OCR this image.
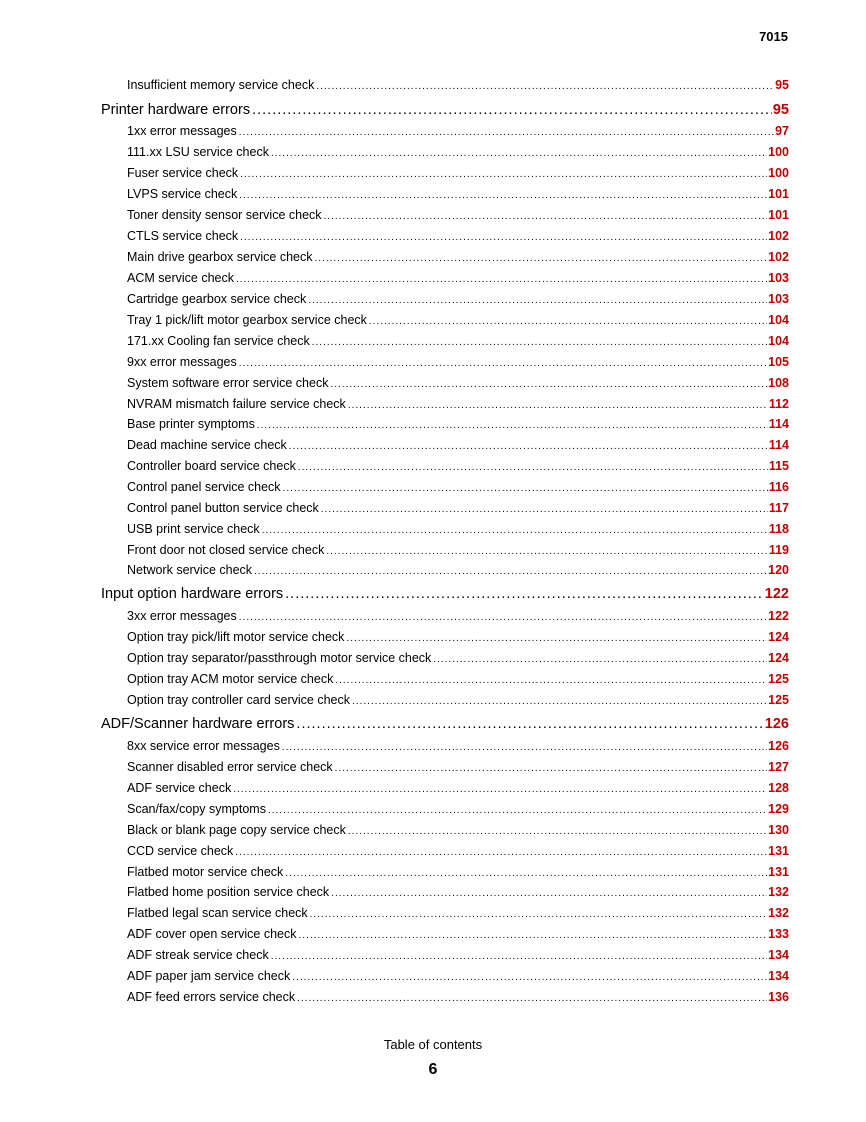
7015
Insufficient memory service check .....	95
Printer hardware errors .....	95
1xx error messages .....	97
111.xx LSU service check .....	100
Fuser service check .....	100
LVPS service check .....	101
Toner density sensor service check .....	101
CTLS service check .....	102
Main drive gearbox service check .....	102
ACM service check .....	103
Cartridge gearbox service check .....	103
Tray 1 pick/lift motor gearbox service check .....	104
171.xx Cooling fan service check .....	104
9xx error messages .....	105
System software error service check .....	108
NVRAM mismatch failure service check .....	112
Base printer symptoms .....	114
Dead machine service check .....	114
Controller board service check .....	115
Control panel service check .....	116
Control panel button service check .....	117
USB print service check .....	118
Front door not closed service check .....	119
Network service check .....	120
Input option hardware errors .....	122
3xx error messages .....	122
Option tray pick/lift motor service check .....	124
Option tray separator/passthrough motor service check .....	124
Option tray ACM motor service check .....	125
Option tray controller card service check .....	125
ADF/Scanner hardware errors .....	126
8xx service error messages .....	126
Scanner disabled error service check .....	127
ADF service check .....	128
Scan/fax/copy symptoms .....	129
Black or blank page copy service check .....	130
CCD service check .....	131
Flatbed motor service check .....	131
Flatbed home position service check .....	132
Flatbed legal scan service check .....	132
ADF cover open service check .....	133
ADF streak service check .....	134
ADF paper jam service check .....	134
ADF feed errors service check .....	136
Table of contents
6
